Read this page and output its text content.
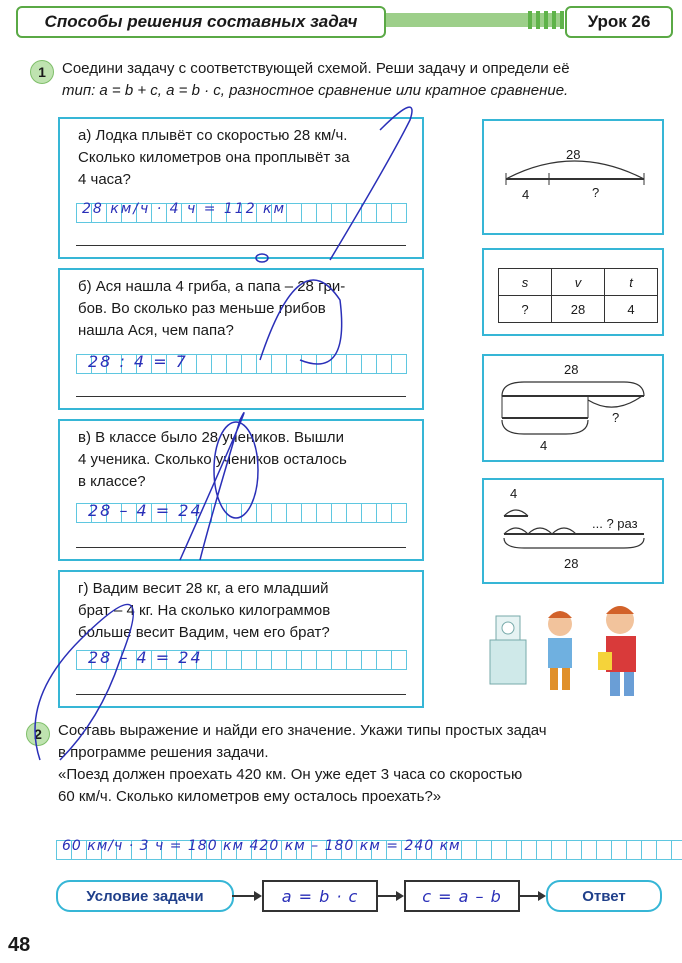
Способы решения составных задач	Урок 26
1	Соедини задачу с соответствующей схемой. Реши задачу и определи её
тип: a = b + c, a = b · c, разностное сравнение или кратное сравнение.
а) Лодка плывёт со скоростью 28 км/ч.
Сколько километров она проплывёт за
4 часа?
28 км/ч · 4 ч = 112 км
б) Ася нашла 4 гриба, а папа – 28 гри-
бов. Во сколько раз меньше грибов
нашла Ася, чем папа?
28 : 4 = 7
в) В классе было 28 учеников. Вышли
4 ученика. Сколько учеников осталось
в классе?
28 – 4 = 24
г) Вадим весит 28 кг, а его младший
брат – 4 кг. На сколько килограммов
больше весит Вадим, чем его брат?
28 – 4 = 24
28
4	?
s	v	t
?	28	4
28
4
?
4
... ? раз
28
2	Составь выражение и найди его значение. Укажи типы простых задач
в программе решения задачи.
«Поезд должен проехать 420 км. Он уже едет 3 часа со скоростью
60 км/ч. Сколько километров ему осталось проехать?»
60 км/ч · 3 ч = 180 км 420 км – 180 км = 240 км
Условие задачи	a = b · c	c = a – b	Ответ
48
